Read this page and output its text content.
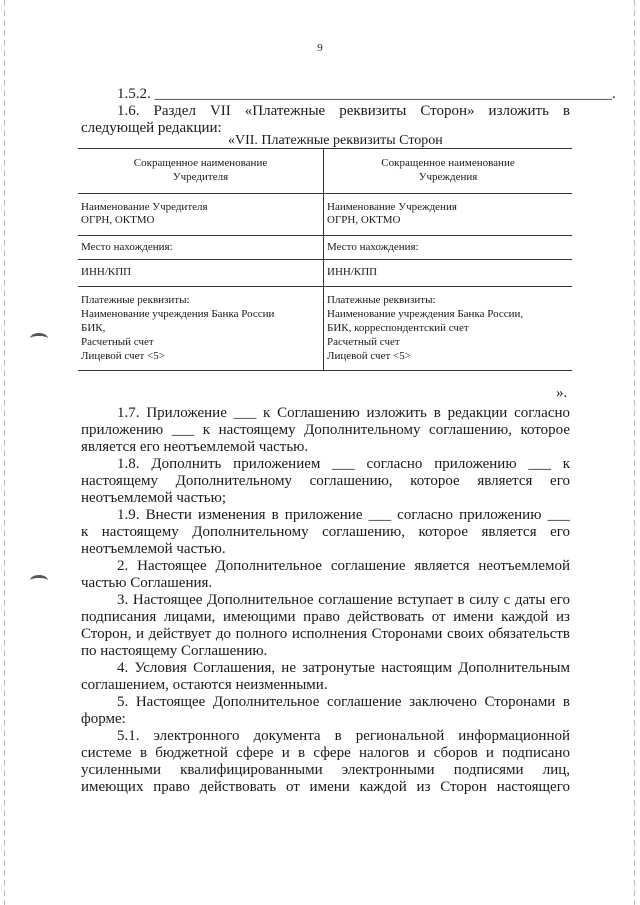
9
1.5.2. _____________________________________________________________.
1.6. Раздел VII «Платежные реквизиты Сторон» изложить в
следующей редакции:
«VII. Платежные реквизиты Сторон
Сокращенное наименование
Учредителя
Сокращенное наименование
Учреждения
Наименование Учредителя
ОГРН, ОКТМО
Наименование Учреждения
ОГРН, ОКТМО
Место нахождения:	Место нахождения:
ИНН/КПП	ИНН/КПП
Платежные реквизиты:
Наименование учреждения Банка России
БИК,
Расчетный счет
Лицевой счет <5>
Платежные реквизиты:
Наименование учреждения Банка России,
БИК, корреспондентский счет
Расчетный счет
Лицевой счет <5>
».
1.7. Приложение ___ к Соглашению изложить в редакции согласно
приложению ___ к настоящему Дополнительному соглашению, которое
является его неотъемлемой частью.
1.8. Дополнить приложением ___ согласно приложению ___ к
настоящему Дополнительному соглашению, которое является его
неотъемлемой частью;
1.9. Внести изменения в приложение ___ согласно приложению ___
к настоящему Дополнительному соглашению, которое является его
неотъемлемой частью.
2. Настоящее Дополнительное соглашение является неотъемлемой
частью Соглашения.
3. Настоящее Дополнительное соглашение вступает в силу с даты его
подписания лицами, имеющими право действовать от имени каждой из
Сторон, и действует до полного исполнения Сторонами своих обязательств
по настоящему Соглашению.
4. Условия Соглашения, не затронутые настоящим Дополнительным
соглашением, остаются неизменными.
5. Настоящее Дополнительное соглашение заключено Сторонами в
форме:
5.1. электронного документа в региональной информационной
системе в бюджетной сфере и в сфере налогов и сборов и подписано
усиленными квалифицированными электронными подписями лиц,
имеющих право действовать от имени каждой из Сторон настоящего
